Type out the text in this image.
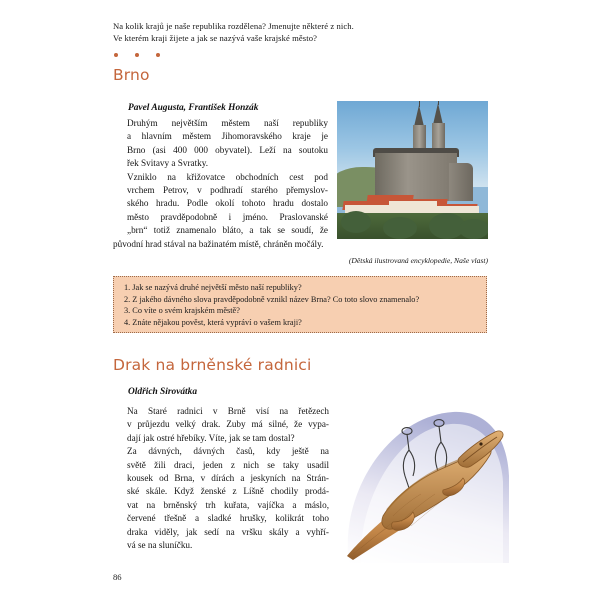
Na kolik krajů je naše republika rozdělena? Jmenujte některé z nich.
Ve kterém kraji žijete a jak se nazývá vaše krajské město?
Brno
Pavel Augusta, František Honzák

Druhým největším městem naší republiky
a hlavním městem Jihomoravského kraje je
Brno (asi 400 000 obyvatel). Leží na soutoku
řek Svitavy a Svratky.

Vzniklo na křižovatce obchodních cest pod
vrchem Petrov, v podhradí starého přemyslov-
ského hradu. Podle okolí tohoto hradu dostalo
město pravděpodobně i jméno. Praslovanské
„brn“ totiž znamenalo bláto, a tak se soudí, že

původní hrad stával na bažinatém místě, chráněn močály.

(Dětská ilustrovaná encyklopedie, Naše vlast)
1. Jak se nazývá druhé největší město naší republiky?
2. Z jakého dávného slova pravděpodobně vznikl název Brna? Co toto slovo znamenalo?
3. Co víte o svém krajském městě?
4. Znáte nějakou pověst, která vypráví o vašem kraji?
Drak na brněnské radnici
Oldřich Sirovátka

Na Staré radnici v Brně visí na řetězech
v průjezdu velký drak. Zuby má silné, že vypa-
dají jak ostré hřebíky. Víte, jak se tam dostal?

Za dávných, dávných časů, kdy ještě na
světě žili draci, jeden z nich se taky usadil
kousek od Brna, v dírách a jeskyních na Strán-
ské skále. Když ženské z Líšně chodily prodá-
vat na brněnský trh kuřata, vajíčka a máslo,
červené třešně a sladké hrušky, kolikrát toho
draka viděly, jak sedí na vršku skály a vyhří-
vá se na sluníčku.

86
